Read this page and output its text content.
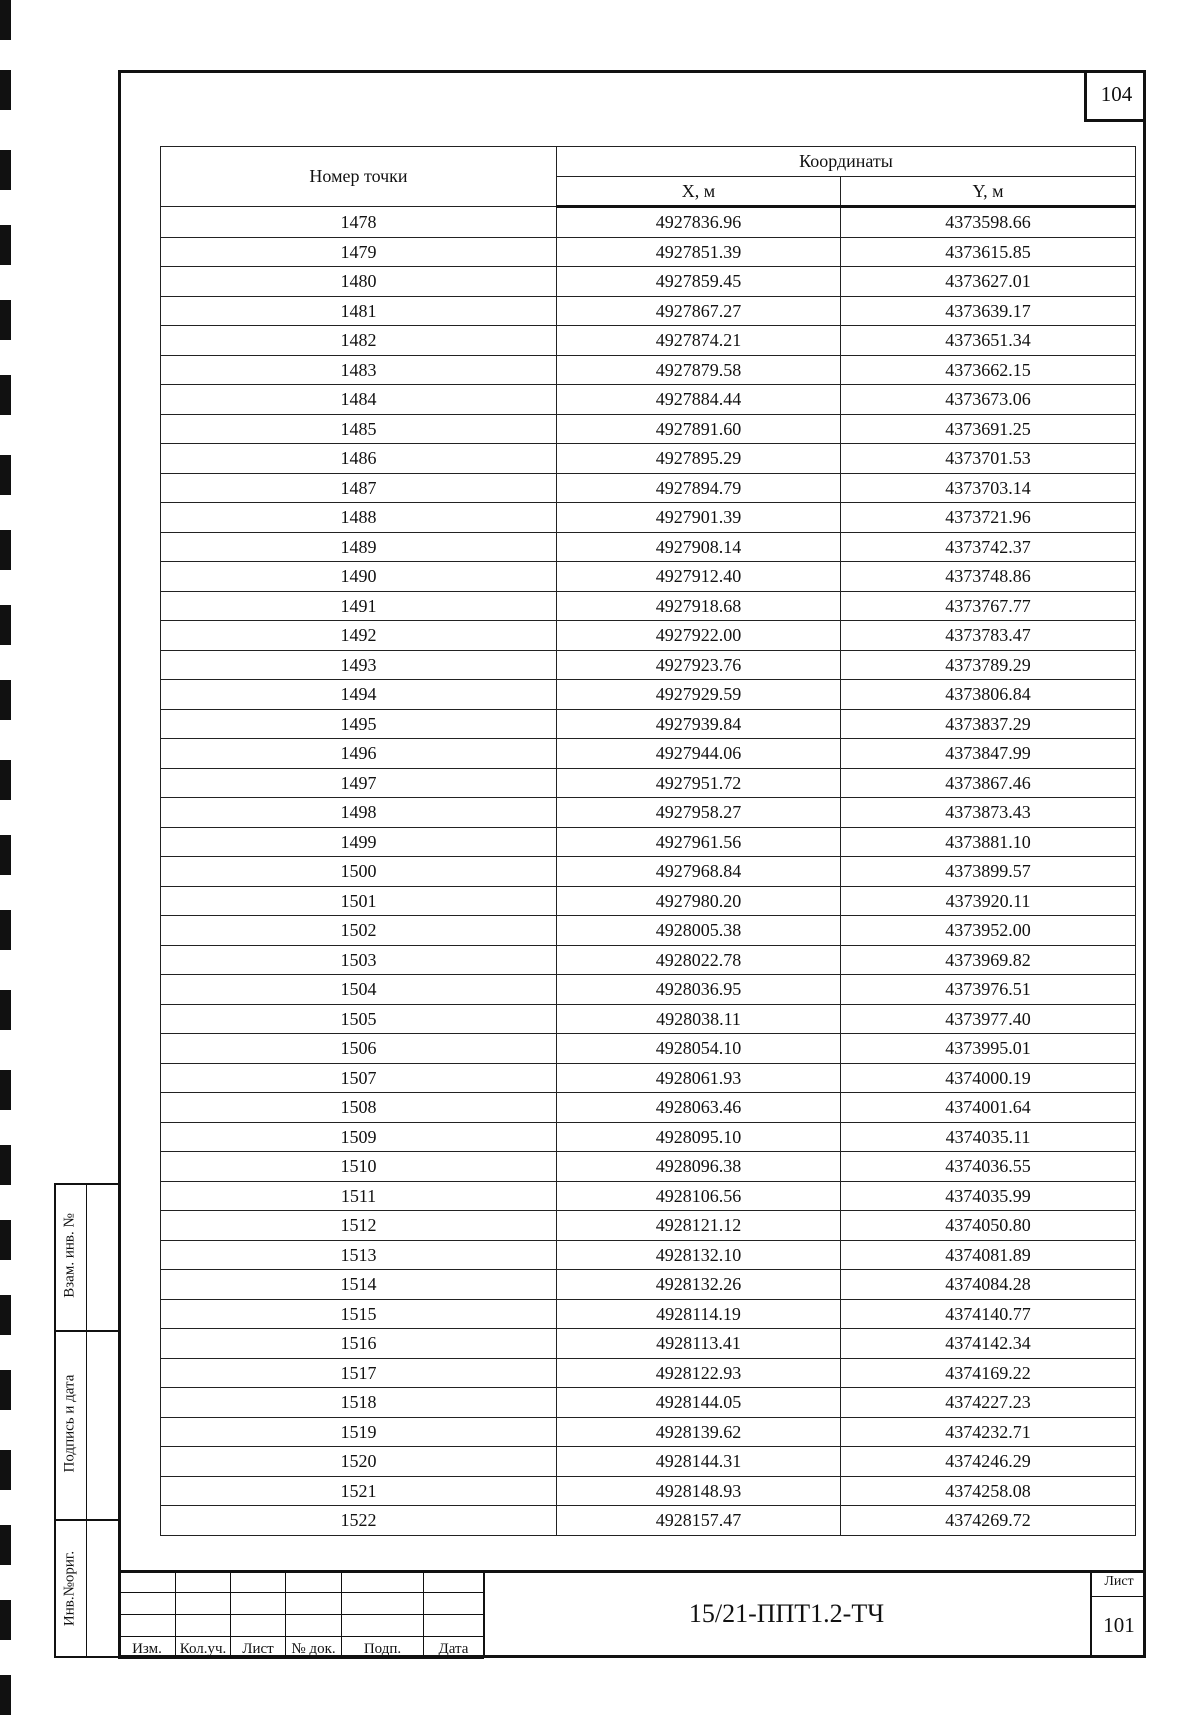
104
Номер точки	Координаты	
	X, м	Y, м
1478	4927836.96	4373598.66
1479	4927851.39	4373615.85
1480	4927859.45	4373627.01
1481	4927867.27	4373639.17
1482	4927874.21	4373651.34
1483	4927879.58	4373662.15
1484	4927884.44	4373673.06
1485	4927891.60	4373691.25
1486	4927895.29	4373701.53
1487	4927894.79	4373703.14
1488	4927901.39	4373721.96
1489	4927908.14	4373742.37
1490	4927912.40	4373748.86
1491	4927918.68	4373767.77
1492	4927922.00	4373783.47
1493	4927923.76	4373789.29
1494	4927929.59	4373806.84
1495	4927939.84	4373837.29
1496	4927944.06	4373847.99
1497	4927951.72	4373867.46
1498	4927958.27	4373873.43
1499	4927961.56	4373881.10
1500	4927968.84	4373899.57
1501	4927980.20	4373920.11
1502	4928005.38	4373952.00
1503	4928022.78	4373969.82
1504	4928036.95	4373976.51
1505	4928038.11	4373977.40
1506	4928054.10	4373995.01
1507	4928061.93	4374000.19
1508	4928063.46	4374001.64
1509	4928095.10	4374035.11
1510	4928096.38	4374036.55
1511	4928106.56	4374035.99
1512	4928121.12	4374050.80
1513	4928132.10	4374081.89
1514	4928132.26	4374084.28
1515	4928114.19	4374140.77
1516	4928113.41	4374142.34
1517	4928122.93	4374169.22
1518	4928144.05	4374227.23
1519	4928139.62	4374232.71
1520	4928144.31	4374246.29
1521	4928148.93	4374258.08
1522	4928157.47	4374269.72
Взам. инв. №
Подпись и дата
Инв.№ориг.

Изм.	Кол.уч.	Лист	№ док.	Подп.	Дата
15/21-ППТ1.2-ТЧ
Лист
101
